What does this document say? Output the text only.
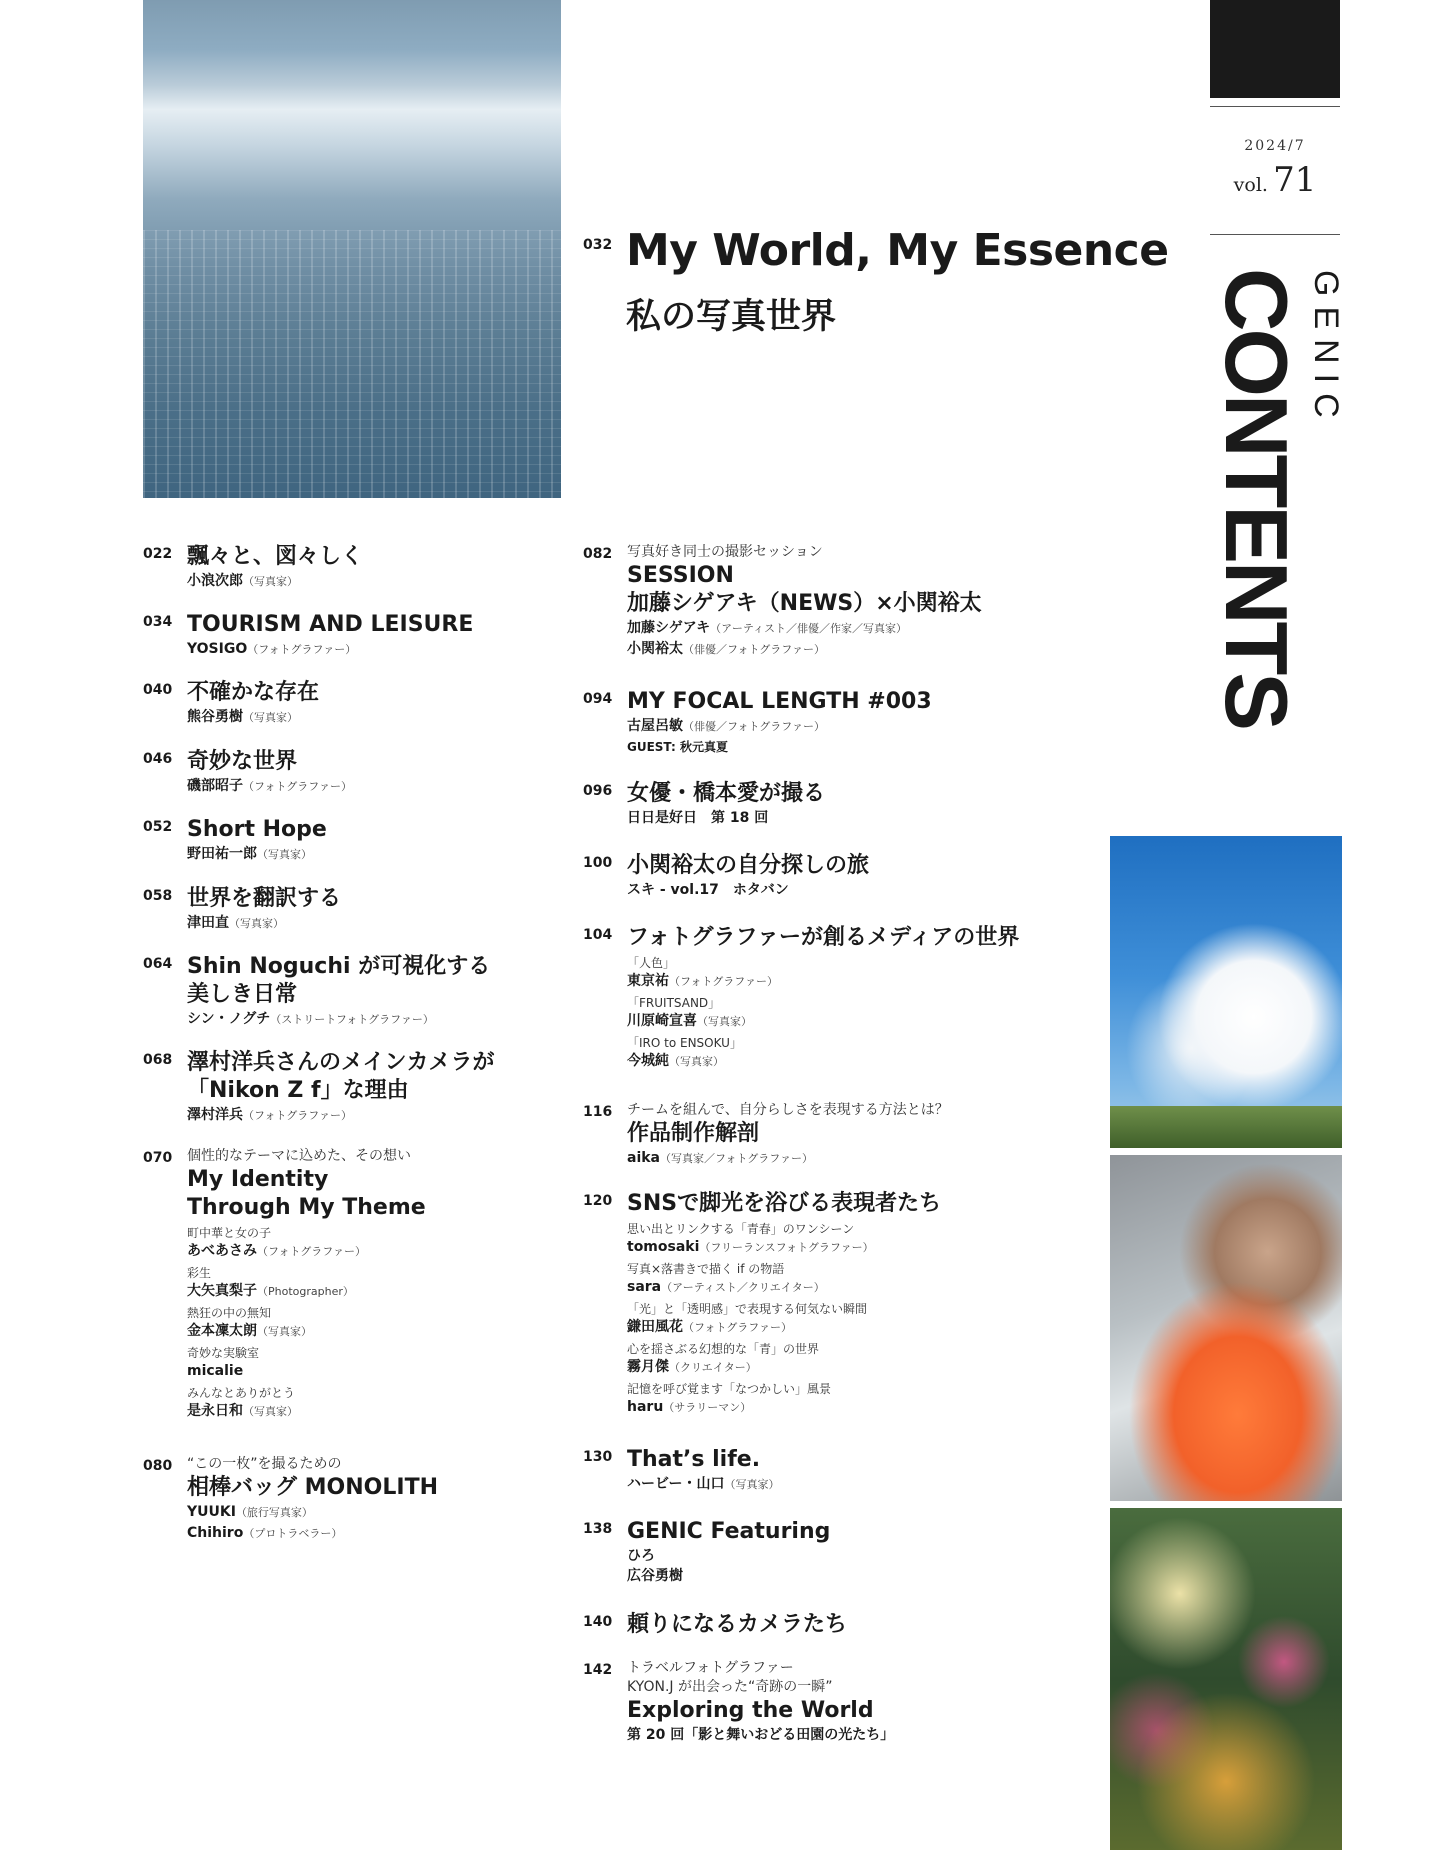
2024/7
vol. 71
GENIC
CONTENTS
032 My World, My Essence
私の写真世界
022 飄々と、図々しく
小浪次郎（写真家）
034 TOURISM AND LEISURE
YOSIGO（フォトグラファー）
040 不確かな存在
熊谷勇樹（写真家）
046 奇妙な世界
磯部昭子（フォトグラファー）
052 Short Hope
野田祐一郎（写真家）
058 世界を翻訳する
津田直（写真家）
064 Shin Noguchi が可視化する
美しき日常
シン・ノグチ（ストリートフォトグラファー）
068 澤村洋兵さんのメインカメラが
「Nikon Z f」な理由
澤村洋兵（フォトグラファー）
070 個性的なテーマに込めた、その想い
My Identity
Through My Theme
町中華と女の子
あべあさみ（フォトグラファー）
彩生
大矢真梨子（Photographer）
熱狂の中の無知
金本凜太朗（写真家）
奇妙な実験室
micalie
みんなとありがとう
是永日和（写真家）
080 “この一枚”を撮るための
相棒バッグ MONOLITH
YUUKI（旅行写真家）
Chihiro（プロトラベラー）
082 写真好き同士の撮影セッション
SESSION
加藤シゲアキ（NEWS）×小関裕太
加藤シゲアキ（アーティスト／俳優／作家／写真家）
小関裕太（俳優／フォトグラファー）
094 MY FOCAL LENGTH #003
古屋呂敏（俳優／フォトグラファー）
GUEST: 秋元真夏
096 女優・橋本愛が撮る
日日是好日　第 18 回
100 小関裕太の自分探しの旅
スキ - vol.17　ホタバン
104 フォトグラファーが創るメディアの世界
「人色」
東京祐（フォトグラファー）
「FRUITSAND」
川原崎宣喜（写真家）
「IRO to ENSOKU」
今城純（写真家）
116 チームを組んで、自分らしさを表現する方法とは？
作品制作解剖
aika（写真家／フォトグラファー）
120 SNSで脚光を浴びる表現者たち
思い出とリンクする「青春」のワンシーン
tomosaki（フリーランスフォトグラファー）
写真×落書きで描く if の物語
sara（アーティスト／クリエイター）
「光」と「透明感」で表現する何気ない瞬間
鎌田風花（フォトグラファー）
心を揺さぶる幻想的な「青」の世界
霧月傑（クリエイター）
記憶を呼び覚ます「なつかしい」風景
haru（サラリーマン）
130 That’s life.
ハービー・山口（写真家）
138 GENIC Featuring
ひろ
広谷勇樹
140 頼りになるカメラたち
142 トラベルフォトグラファー
KYON.J が出会った“奇跡の一瞬”
Exploring the World
第 20 回「影と舞いおどる田園の光たち」
